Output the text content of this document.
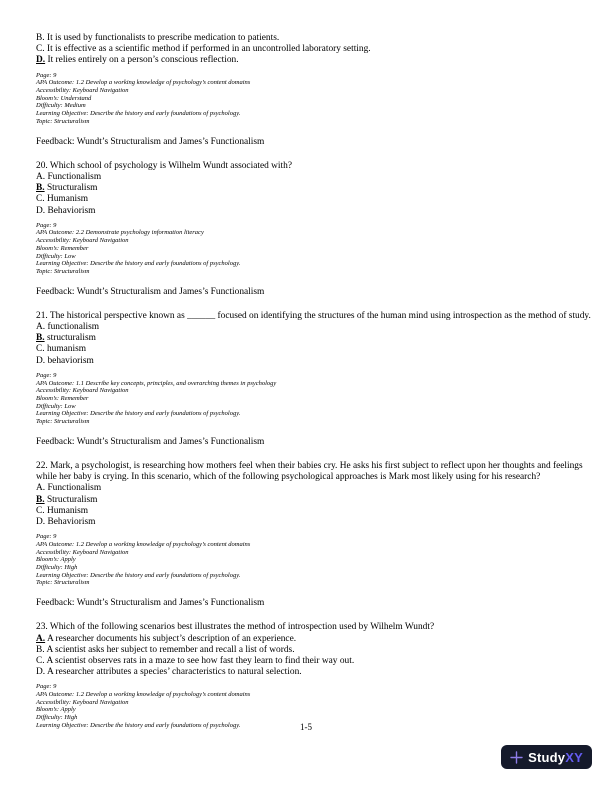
B. It is used by functionalists to prescribe medication to patients.
C. It is effective as a scientific method if performed in an uncontrolled laboratory setting.
D. It relies entirely on a person’s conscious reflection.
Page: 9
APA Outcome: 1.2 Develop a working knowledge of psychology’s content domains
Accessibility: Keyboard Navigation
Bloom’s: Understand
Difficulty: Medium
Learning Objective: Describe the history and early foundations of psychology.
Topic: Structuralism
Feedback: Wundt’s Structuralism and James’s Functionalism
20. Which school of psychology is Wilhelm Wundt associated with?
A. Functionalism
B. Structuralism
C. Humanism
D. Behaviorism
Page: 9
APA Outcome: 2.2 Demonstrate psychology information literacy
Accessibility: Keyboard Navigation
Bloom’s: Remember
Difficulty: Low
Learning Objective: Describe the history and early foundations of psychology.
Topic: Structuralism
Feedback: Wundt’s Structuralism and James’s Functionalism
21. The historical perspective known as ______ focused on identifying the structures of the human mind using introspection as the method of study.
A. functionalism
B. structuralism
C. humanism
D. behaviorism
Page: 9
APA Outcome: 1.1 Describe key concepts, principles, and overarching themes in psychology
Accessibility: Keyboard Navigation
Bloom’s: Remember
Difficulty: Low
Learning Objective: Describe the history and early foundations of psychology.
Topic: Structuralism
Feedback: Wundt’s Structuralism and James’s Functionalism
22. Mark, a psychologist, is researching how mothers feel when their babies cry. He asks his first subject to reflect upon her thoughts and feelings while her baby is crying. In this scenario, which of the following psychological approaches is Mark most likely using for his research?
A. Functionalism
B. Structuralism
C. Humanism
D. Behaviorism
Page: 9
APA Outcome: 1.2 Develop a working knowledge of psychology’s content domains
Accessibility: Keyboard Navigation
Bloom’s: Apply
Difficulty: High
Learning Objective: Describe the history and early foundations of psychology.
Topic: Structuralism
Feedback: Wundt’s Structuralism and James’s Functionalism
23. Which of the following scenarios best illustrates the method of introspection used by Wilhelm Wundt?
A. A researcher documents his subject’s description of an experience.
B. A scientist asks her subject to remember and recall a list of words.
C. A scientist observes rats in a maze to see how fast they learn to find their way out.
D. A researcher attributes a species’ characteristics to natural selection.
Page: 9
APA Outcome: 1.2 Develop a working knowledge of psychology’s content domains
Accessibility: Keyboard Navigation
Bloom’s: Apply
Difficulty: High
Learning Objective: Describe the history and early foundations of psychology.	1-5
StudyXY
